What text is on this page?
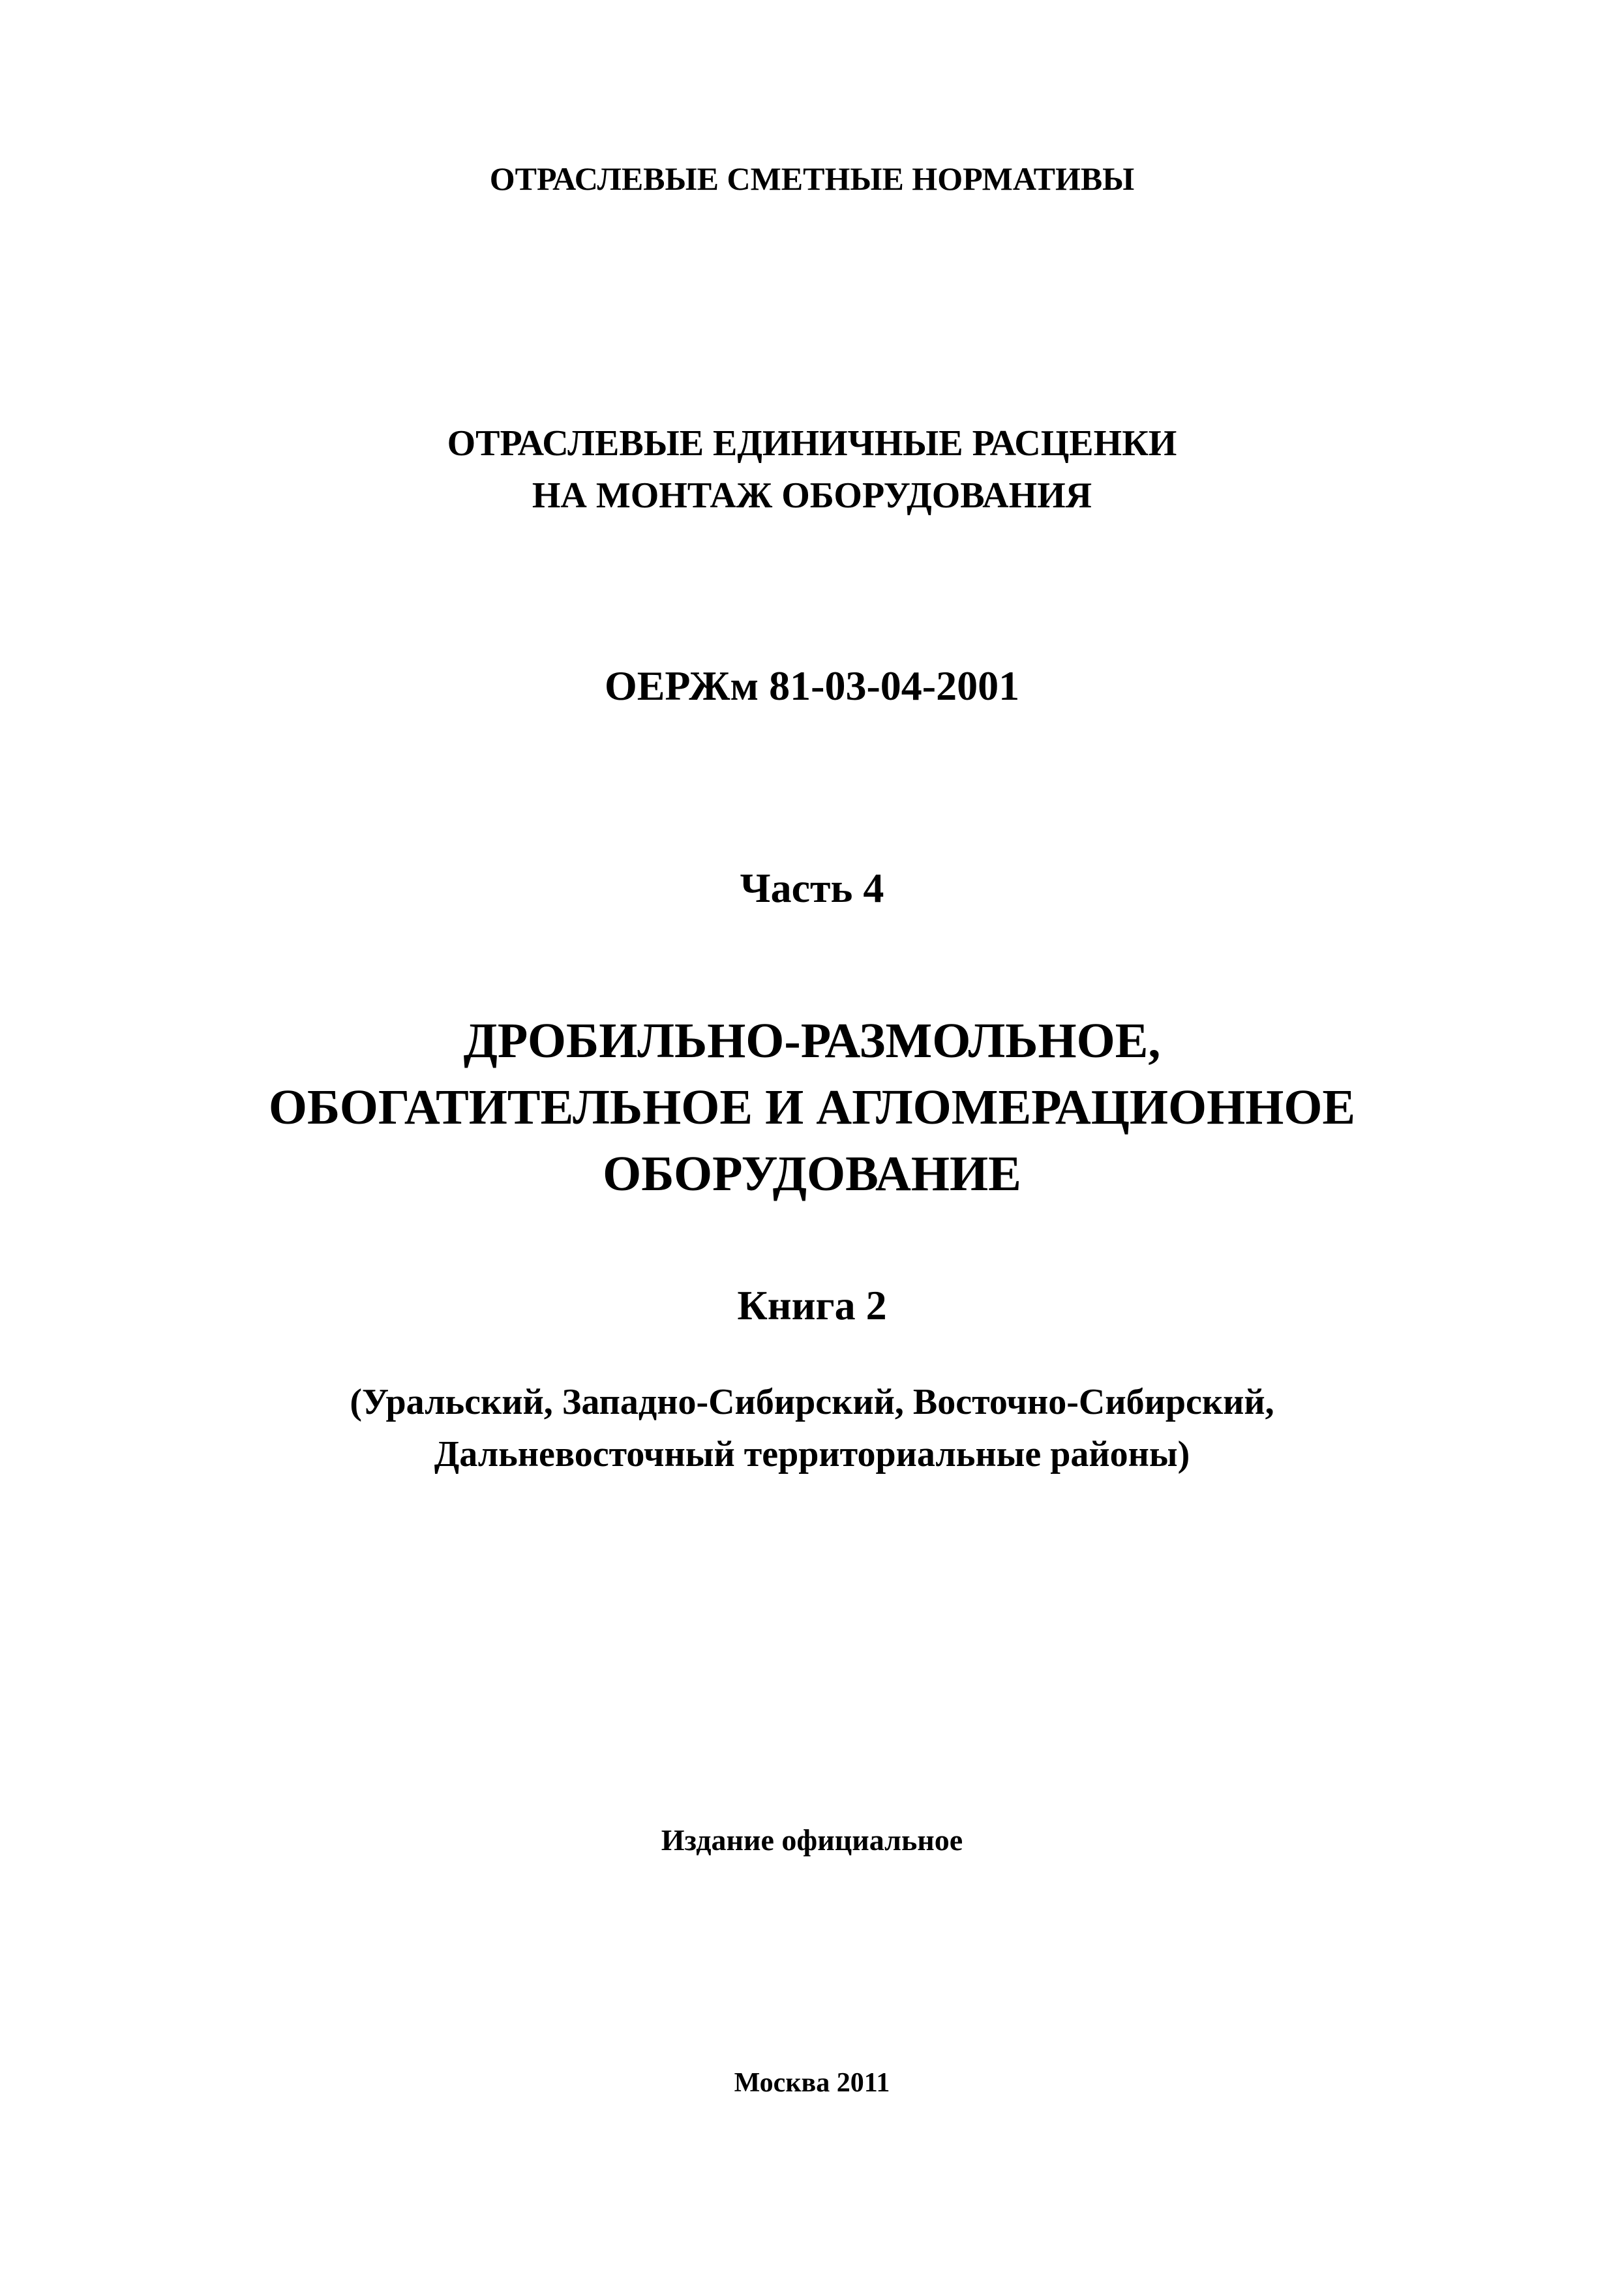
ОТРАСЛЕВЫЕ СМЕТНЫЕ НОРМАТИВЫ
ОТРАСЛЕВЫЕ ЕДИНИЧНЫЕ РАСЦЕНКИ
НА МОНТАЖ ОБОРУДОВАНИЯ
ОЕРЖм 81-03-04-2001
Часть 4
ДРОБИЛЬНО-РАЗМОЛЬНОЕ,
ОБОГАТИТЕЛЬНОЕ И АГЛОМЕРАЦИОННОЕ
ОБОРУДОВАНИЕ
Книга 2
(Уральский, Западно-Сибирский, Восточно-Сибирский,
Дальневосточный территориальные районы)
Издание официальное
Москва 2011
